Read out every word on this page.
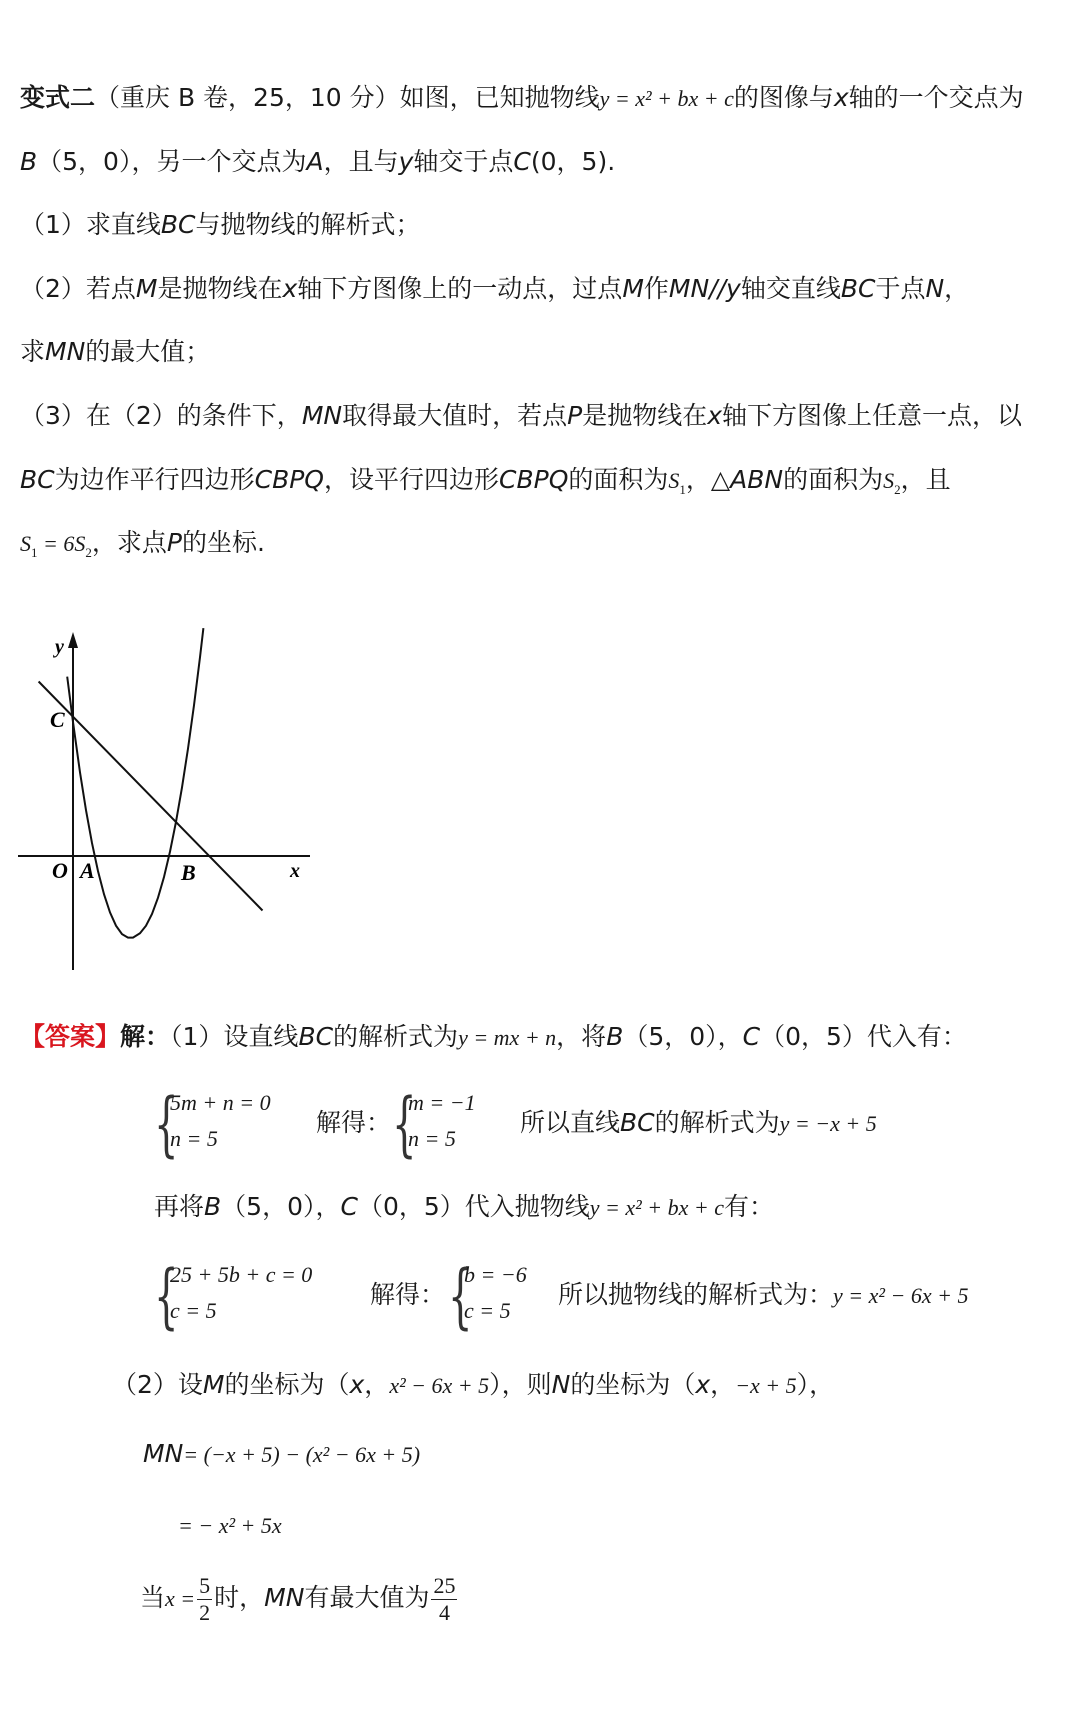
变式二（重庆 B 卷，25，10 分）如图，已知抛物线y = x² + bx + c的图像与x轴的一个交点为
B（5，0），另一个交点为A，且与y轴交于点C(0，5).
（1）求直线BC与抛物线的解析式；
（2）若点M是抛物线在x轴下方图像上的一动点，过点M作MN//y轴交直线BC于点N，
求MN的最大值；
（3）在（2）的条件下，MN取得最大值时，若点P是抛物线在x轴下方图像上任意一点，以
BC为边作平行四边形CBPQ，设平行四边形CBPQ的面积为$S_1$，△ABN的面积为$S_2$，且
$S_1 = 6S_2$，求点P的坐标.
y
C
O A	B	x
【答案】解：（1）设直线BC的解析式为y = mx + n，将B（5，0），C（0，5）代入有：
{
5m + n = 0
n = 5
解得： {
m = −1
n = 5
所以直线BC的解析式为y = −x + 5
再将B（5，0），C（0，5）代入抛物线y = x² + bx + c有：
{
25 + 5b + c = 0
c = 5
解得： {
b = −6
c = 5
所以抛物线的解析式为：y = x² − 6x + 5
（2）设M的坐标为（x，x² − 6x + 5），则N的坐标为（x，−x + 5），
MN= (−x + 5) − (x² − 6x + 5)
= − x² + 5x
当$x = \frac{5}{2}$ 时，MN有最大值为 $\frac{25}{4}$
